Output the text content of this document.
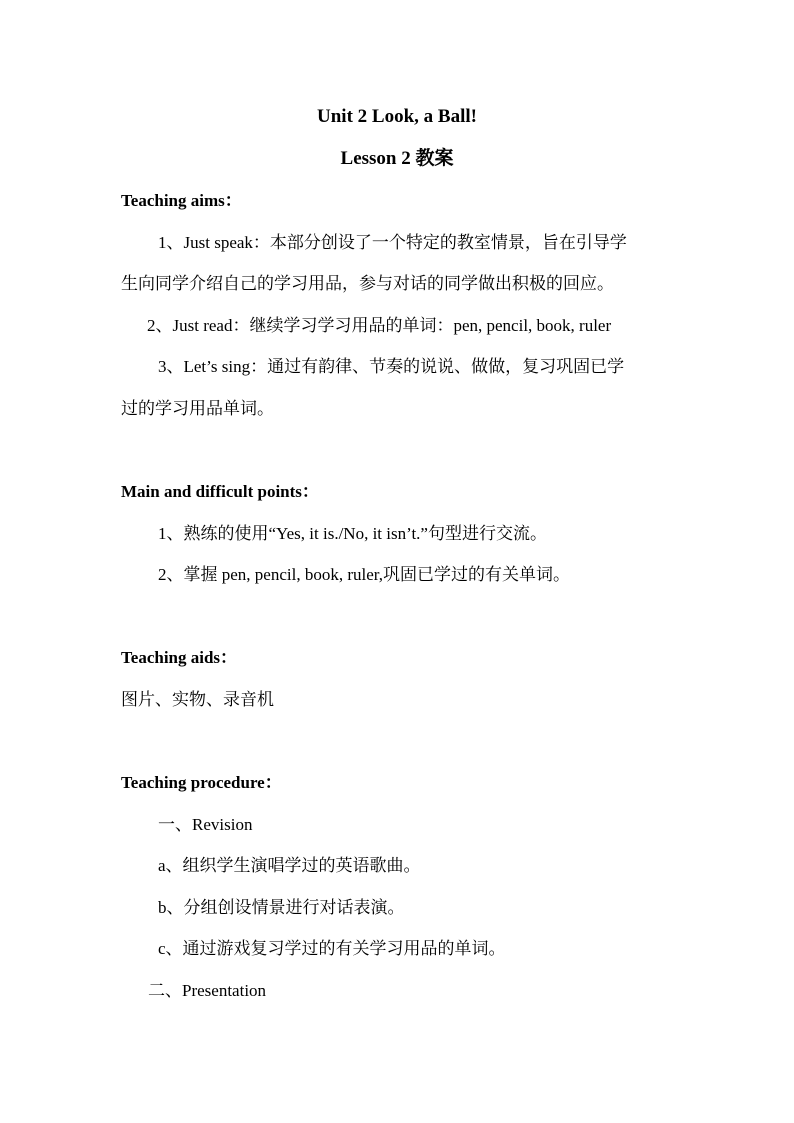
Unit 2 Look, a Ball!
Lesson 2 教案
Teaching aims：
1、Just speak：本部分创设了一个特定的教室情景，旨在引导学
生向同学介绍自己的学习用品，参与对话的同学做出积极的回应。
2、Just read：继续学习学习用品的单词：pen, pencil, book, ruler
3、Let’s sing：通过有韵律、节奏的说说、做做，复习巩固已学
过的学习用品单词。
Main and difficult points：
1、熟练的使用“Yes, it is./No, it isn’t.”句型进行交流。
2、掌握 pen, pencil, book, ruler,巩固已学过的有关单词。
Teaching aids：
图片、实物、录音机
Teaching procedure：
一、Revision
a、组织学生演唱学过的英语歌曲。
b、分组创设情景进行对话表演。
c、通过游戏复习学过的有关学习用品的单词。
二、Presentation
